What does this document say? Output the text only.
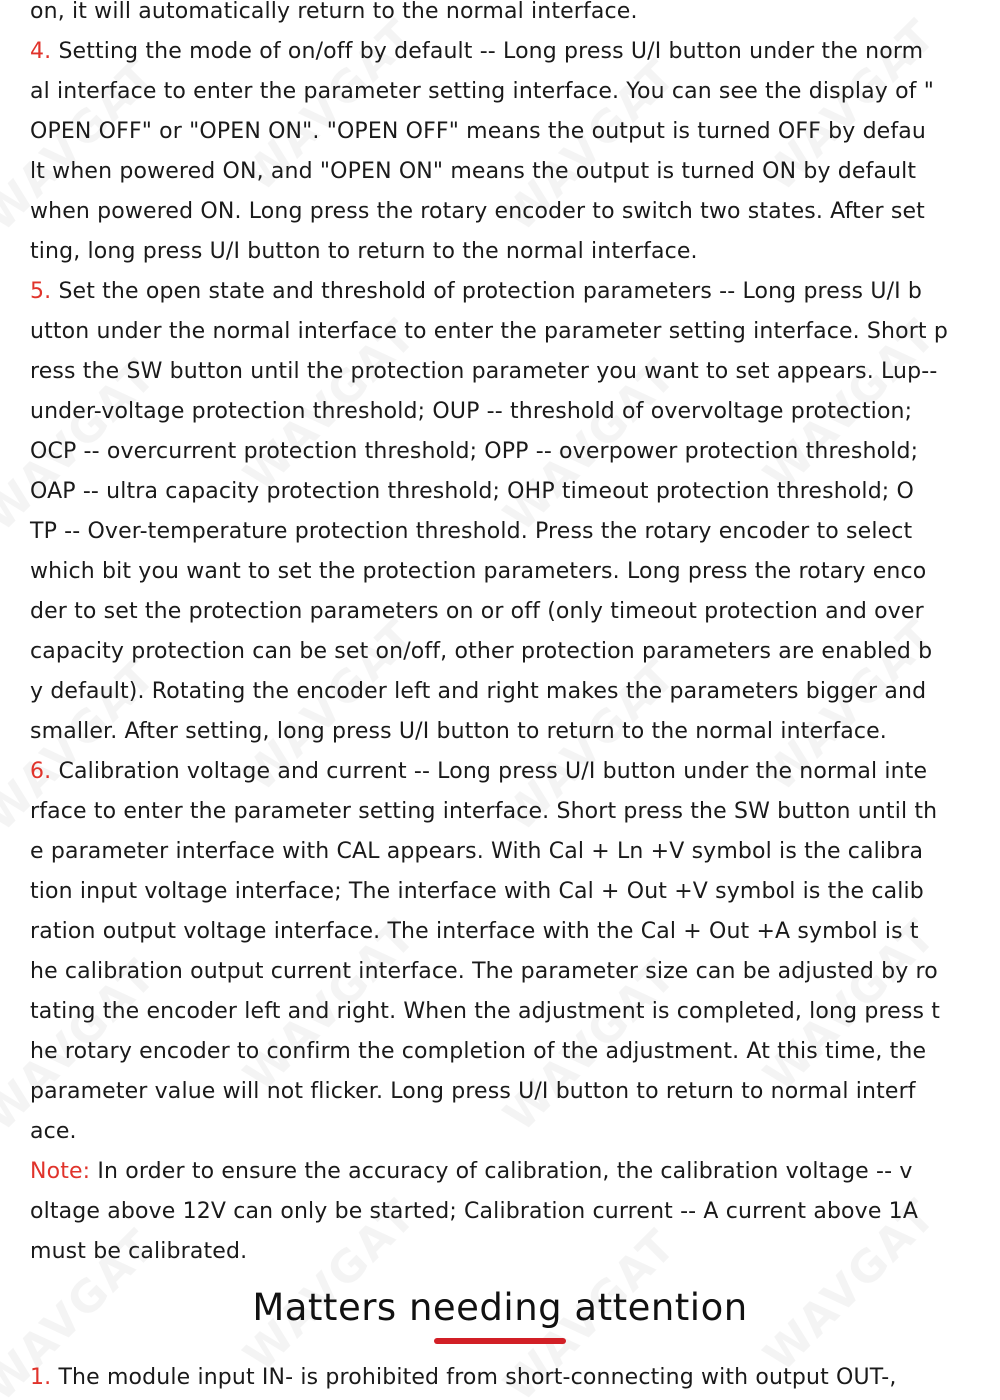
on, it will automatically return to the normal interface.
4. Setting the mode of on/off by default -- Long press U/I button under the norm
al interface to enter the parameter setting interface. You can see the display of "
OPEN OFF" or "OPEN ON". "OPEN OFF" means the output is turned OFF by defau
lt when powered ON, and "OPEN ON" means the output is turned ON by default
when powered ON. Long press the rotary encoder to switch two states. After set
ting, long press U/I button to return to the normal interface.
5. Set the open state and threshold of protection parameters -- Long press U/I b
utton under the normal interface to enter the parameter setting interface. Short p
ress the SW button until the protection parameter you want to set appears. Lup--
under-voltage protection threshold; OUP -- threshold of overvoltage protection;
OCP -- overcurrent protection threshold; OPP -- overpower protection threshold;
OAP -- ultra capacity protection threshold; OHP timeout protection threshold; O
TP -- Over-temperature protection threshold. Press the rotary encoder to select
which bit you want to set the protection parameters. Long press the rotary enco
der to set the protection parameters on or off (only timeout protection and over
capacity protection can be set on/off, other protection parameters are enabled b
y default). Rotating the encoder left and right makes the parameters bigger and
smaller. After setting, long press U/I button to return to the normal interface.
6. Calibration voltage and current -- Long press U/I button under the normal inte
rface to enter the parameter setting interface. Short press the SW button until th
e parameter interface with CAL appears. With Cal + Ln +V symbol is the calibra
tion input voltage interface; The interface with Cal + Out +V symbol is the calib
ration output voltage interface. The interface with the Cal + Out +A symbol is t
he calibration output current interface. The parameter size can be adjusted by ro
tating the encoder left and right. When the adjustment is completed, long press t
he rotary encoder to confirm the completion of the adjustment. At this time, the
parameter value will not flicker. Long press U/I button to return to normal interf
ace.
Note: In order to ensure the accuracy of calibration, the calibration voltage -- v
oltage above 12V can only be started; Calibration current -- A current above 1A
must be calibrated.
Matters needing attention
1. The module input IN- is prohibited from short-connecting with output OUT-,
